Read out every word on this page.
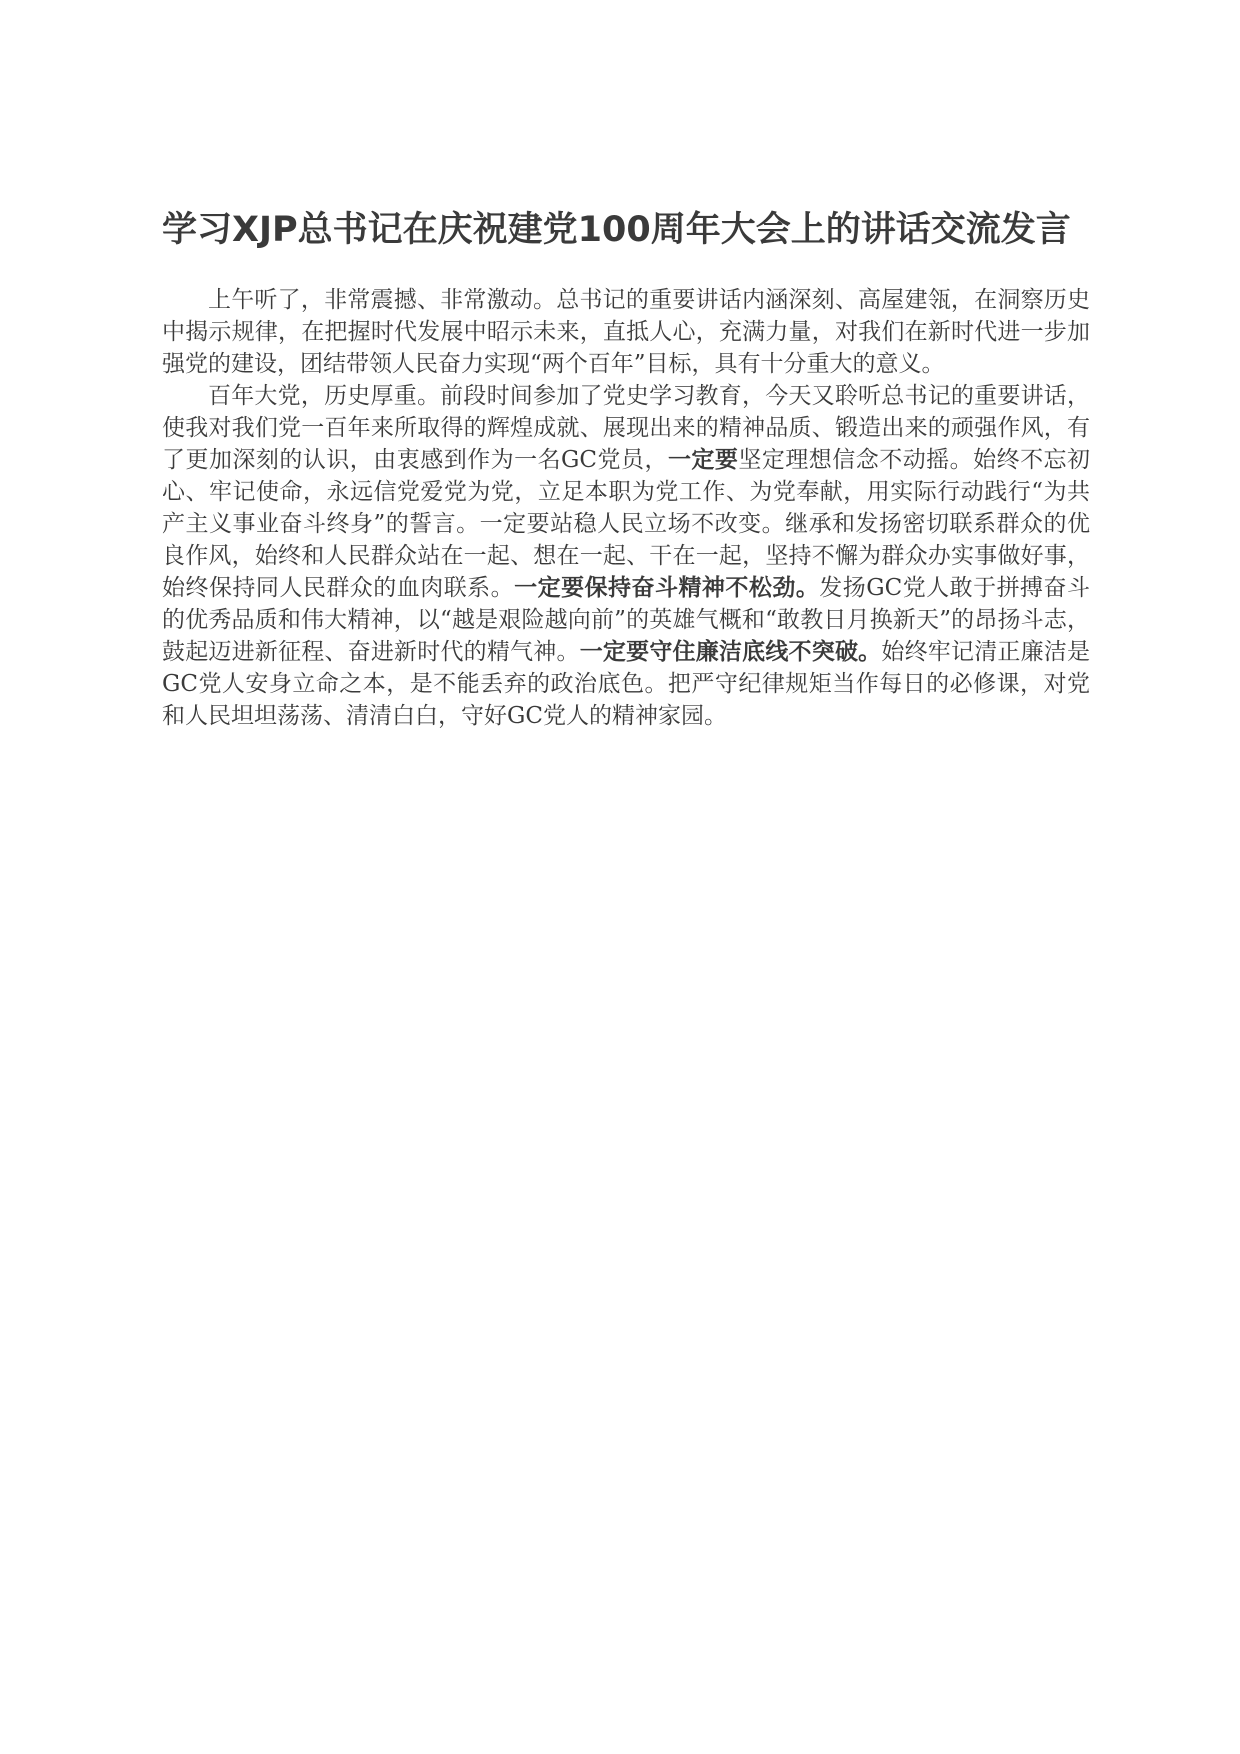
学习XJP总书记在庆祝建党100周年大会上的讲话交流发言

上午听了，非常震撼、非常激动。总书记的重要讲话内涵深刻、高屋建瓴，在洞察历史中揭示规律，在把握时代发展中昭示未来，直抵人心，充满力量，对我们在新时代进一步加强党的建设，团结带领人民奋力实现“两个百年”目标，具有十分重大的意义。

百年大党，历史厚重。前段时间参加了党史学习教育，今天又聆听总书记的重要讲话，使我对我们党一百年来所取得的辉煌成就、展现出来的精神品质、锻造出来的顽强作风，有了更加深刻的认识，由衷感到作为一名GC党员，一定要坚定理想信念不动摇。始终不忘初心、牢记使命，永远信党爱党为党，立足本职为党工作、为党奉献，用实际行动践行“为共产主义事业奋斗终身”的誓言。一定要站稳人民立场不改变。继承和发扬密切联系群众的优良作风，始终和人民群众站在一起、想在一起、干在一起，坚持不懈为群众办实事做好事，始终保持同人民群众的血肉联系。一定要保持奋斗精神不松劲。发扬GC党人敢于拼搏奋斗的优秀品质和伟大精神，以“越是艰险越向前”的英雄气概和“敢教日月换新天”的昂扬斗志，鼓起迈进新征程、奋进新时代的精气神。一定要守住廉洁底线不突破。始终牢记清正廉洁是GC党人安身立命之本，是不能丢弃的政治底色。把严守纪律规矩当作每日的必修课，对党和人民坦坦荡荡、清清白白，守好GC党人的精神家园。
